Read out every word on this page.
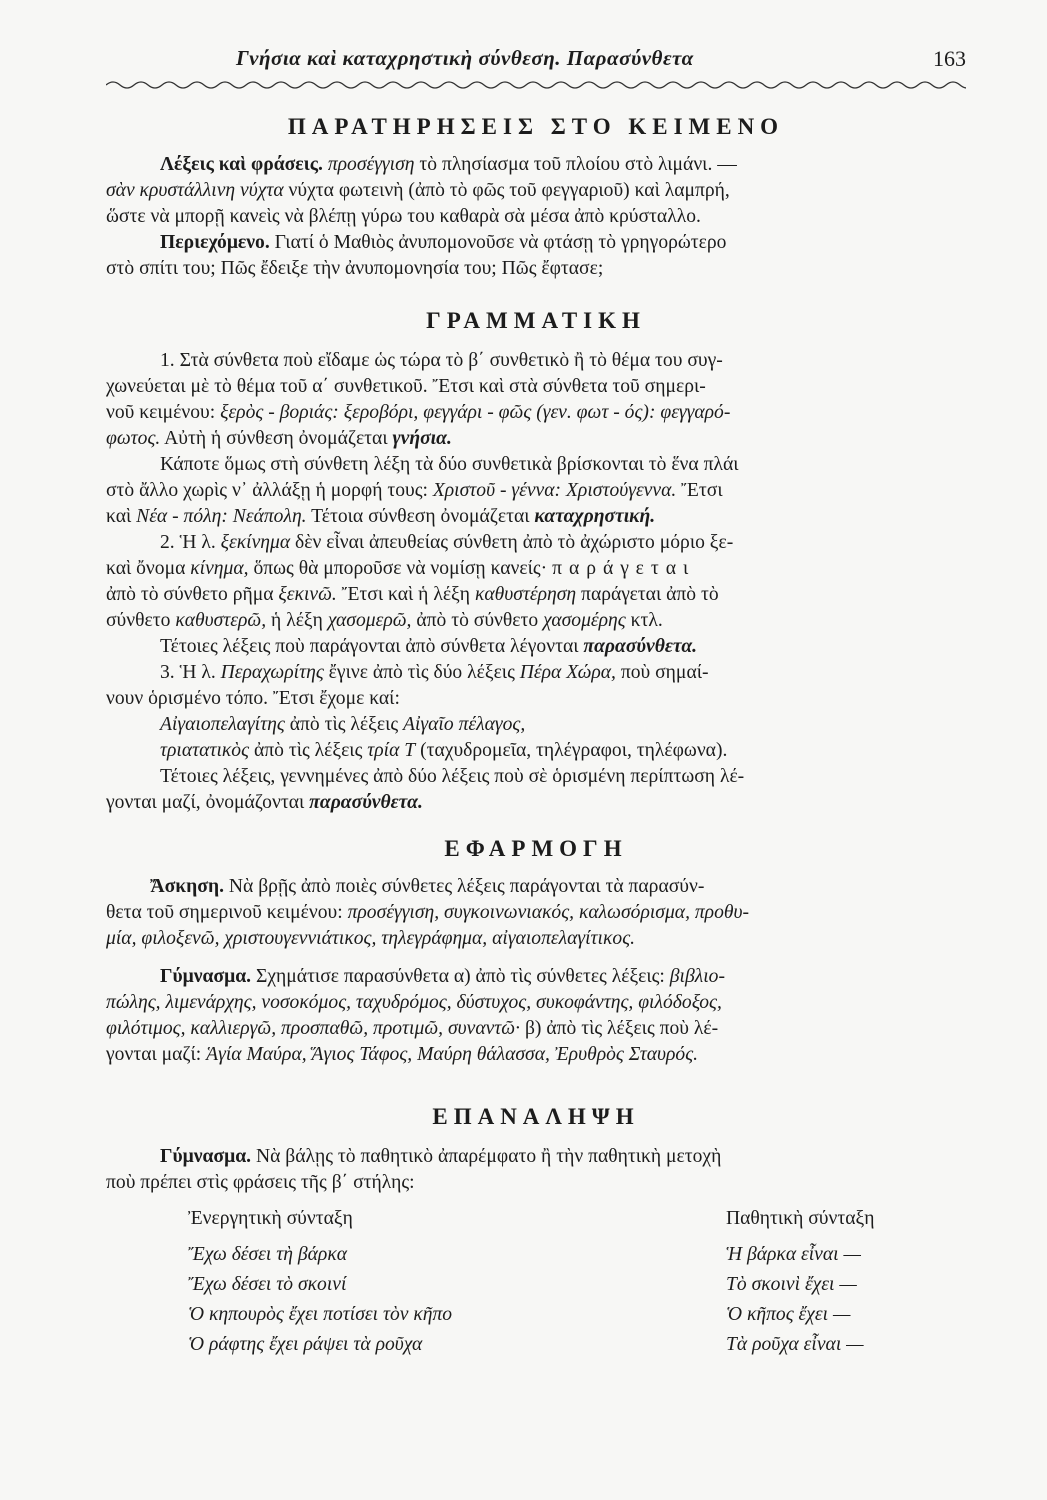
Γνήσια καὶ καταχρηστικὴ σύνθεση. Παρασύνθετα	163
ΠΑΡΑΤΗΡΗΣΕΙΣ ΣΤΟ ΚΕΙΜΕΝΟ

Λέξεις καὶ φράσεις. προσέγγιση τὸ πλησίασμα τοῦ πλοίου στὸ λιμάνι. —

σὰν κρυστάλλινη νύχτα νύχτα φωτεινὴ (ἀπὸ τὸ φῶς τοῦ φεγγαριοῦ) καὶ λαμπρή,

ὥστε νὰ μπορῇ κανεὶς νὰ βλέπῃ γύρω του καθαρὰ σὰ μέσα ἀπὸ κρύσταλλο.

Περιεχόμενο. Γιατί ὁ Μαθιὸς ἀνυπομονοῦσε νὰ φτάσῃ τὸ γρηγορώτερο

στὸ σπίτι του; Πῶς ἔδειξε τὴν ἀνυπομονησία του; Πῶς ἔφτασε;

ΓΡΑΜΜΑΤΙΚΗ

1. Στὰ σύνθετα ποὺ εἴδαμε ὡς τώρα τὸ β΄ συνθετικὸ ἢ τὸ θέμα του συγ-

χωνεύεται μὲ τὸ θέμα τοῦ α΄ συνθετικοῦ. Ἔτσι καὶ στὰ σύνθετα τοῦ σημερι-

νοῦ κειμένου: ξερὸς - βοριάς: ξεροβόρι, φεγγάρι - φῶς (γεν. φωτ - ός): φεγγαρό-

φωτος. Αὐτὴ ἡ σύνθεση ὀνομάζεται γνήσια.

Κάποτε ὅμως στὴ σύνθετη λέξη τὰ δύο συνθετικὰ βρίσκονται τὸ ἕνα πλάι

στὸ ἄλλο χωρὶς ν᾿ ἀλλάξῃ ἡ μορφή τους: Χριστοῦ - γέννα: Χριστούγεννα. Ἔτσι

καὶ Νέα - πόλη: Νεάπολη. Τέτοια σύνθεση ὀνομάζεται καταχρηστική.

2. Ἡ λ. ξεκίνημα δὲν εἶναι ἀπευθείας σύνθετη ἀπὸ τὸ ἀχώριστο μόριο ξε-

καὶ ὄνομα κίνημα, ὅπως θὰ μποροῦσε νὰ νομίσῃ κανείς· παράγεται

ἀπὸ τὸ σύνθετο ρῆμα ξεκινῶ. Ἔτσι καὶ ἡ λέξη καθυστέρηση παράγεται ἀπὸ τὸ

σύνθετο καθυστερῶ, ἡ λέξη χασομερῶ, ἀπὸ τὸ σύνθετο χασομέρης κτλ.

Τέτοιες λέξεις ποὺ παράγονται ἀπὸ σύνθετα λέγονται παρασύνθετα.

3. Ἡ λ. Περαχωρίτης ἔγινε ἀπὸ τὶς δύο λέξεις Πέρα Χώρα, ποὺ σημαί-

νουν ὁρισμένο τόπο. Ἔτσι ἔχομε καί:

Αἰγαιοπελαγίτης ἀπὸ τὶς λέξεις Αἰγαῖο πέλαγος,

τριατατικὸς ἀπὸ τὶς λέξεις τρία Τ (ταχυδρομεῖα, τηλέγραφοι, τηλέφωνα).

Τέτοιες λέξεις, γεννημένες ἀπὸ δύο λέξεις ποὺ σὲ ὁρισμένη περίπτωση λέ-

γονται μαζί, ὀνομάζονται παρασύνθετα.

ΕΦΑΡΜΟΓΗ

Ἄσκηση. Νὰ βρῇς ἀπὸ ποιὲς σύνθετες λέξεις παράγονται τὰ παρασύν-

θετα τοῦ σημερινοῦ κειμένου: προσέγγιση, συγκοινωνιακός, καλωσόρισμα, προθυ-

μία, φιλοξενῶ, χριστουγεννιάτικος, τηλεγράφημα, αἰγαιοπελαγίτικος.

Γύμνασμα. Σχημάτισε παρασύνθετα α) ἀπὸ τὶς σύνθετες λέξεις: βιβλιο-

πώλης, λιμενάρχης, νοσοκόμος, ταχυδρόμος, δύστυχος, συκοφάντης, φιλόδοξος,

φιλότιμος, καλλιεργῶ, προσπαθῶ, προτιμῶ, συναντῶ· β) ἀπὸ τὶς λέξεις ποὺ λέ-

γονται μαζί: Ἁγία Μαύρα, Ἅγιος Τάφος, Μαύρη θάλασσα, Ἐρυθρὸς Σταυρός.

ΕΠΑΝΑΛΗΨΗ

Γύμνασμα. Νὰ βάλῃς τὸ παθητικὸ ἀπαρέμφατο ἢ τὴν παθητικὴ μετοχὴ

ποὺ πρέπει στὶς φράσεις τῆς β΄ στήλης:

Ἐνεργητικὴ σύνταξη	Παθητικὴ σύνταξη
Ἔχω δέσει τὴ βάρκα	Ἡ βάρκα εἶναι —
Ἔχω δέσει τὸ σκοινί	Τὸ σκοινὶ ἔχει —
Ὁ κηπουρὸς ἔχει ποτίσει τὸν κῆπο	Ὁ κῆπος ἔχει —
Ὁ ράφτης ἔχει ράψει τὰ ροῦχα	Τὰ ροῦχα εἶναι —
